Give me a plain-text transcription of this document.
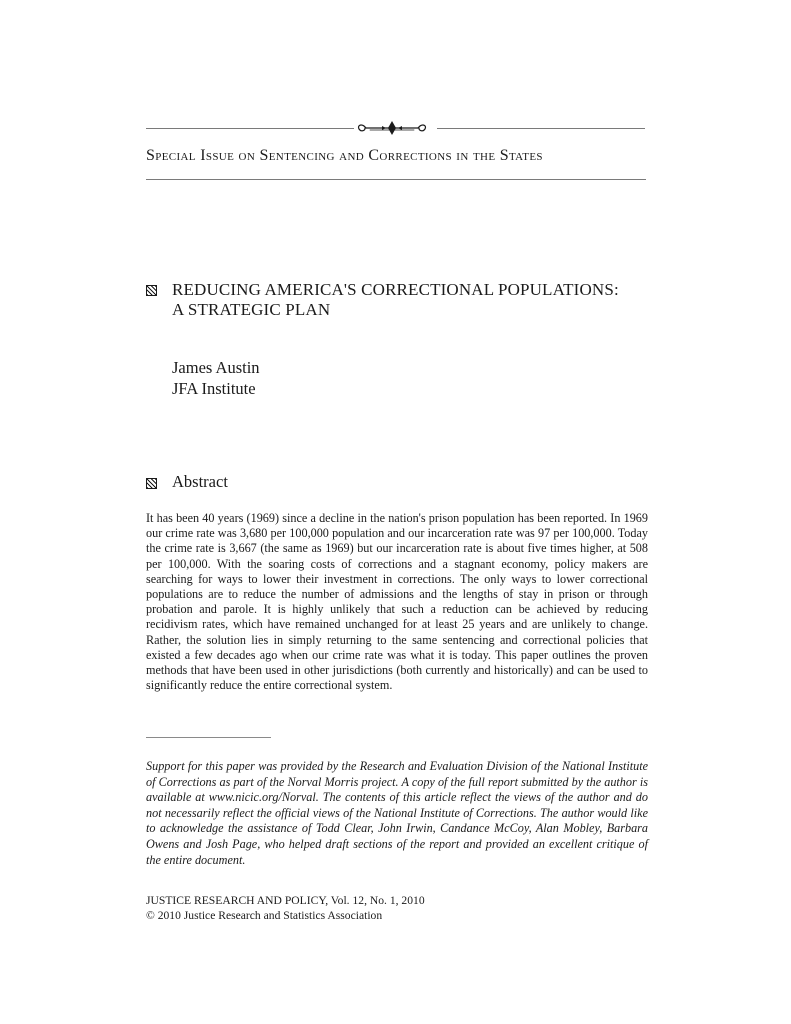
Special Issue on Sentencing and Corrections in the States
REDUCING AMERICA'S CORRECTIONAL POPULATIONS:
A STRATEGIC PLAN
James Austin
JFA Institute
Abstract
It has been 40 years (1969) since a decline in the nation's prison population has been reported. In 1969 our crime rate was 3,680 per 100,000 population and our incarceration rate was 97 per 100,000. Today the crime rate is 3,667 (the same as 1969) but our incarceration rate is about five times higher, at 508 per 100,000. With the soaring costs of corrections and a stagnant economy, policy makers are searching for ways to lower their investment in corrections. The only ways to lower correctional populations are to reduce the number of admissions and the lengths of stay in prison or through probation and parole. It is highly unlikely that such a reduction can be achieved by reducing recidivism rates, which have remained unchanged for at least 25 years and are unlikely to change. Rather, the solution lies in simply returning to the same sentencing and correctional policies that existed a few decades ago when our crime rate was what it is today. This paper outlines the proven methods that have been used in other jurisdictions (both currently and historically) and can be used to significantly reduce the entire correctional system.
Support for this paper was provided by the Research and Evaluation Division of the National Institute of Corrections as part of the Norval Morris project. A copy of the full report submitted by the author is available at www.nicic.org/Norval. The contents of this article reflect the views of the author and do not necessarily reflect the official views of the National Institute of Corrections. The author would like to acknowledge the assistance of Todd Clear, John Irwin, Candance McCoy, Alan Mobley, Barbara Owens and Josh Page, who helped draft sections of the report and provided an excellent critique of the entire document.
JUSTICE RESEARCH AND POLICY, Vol. 12, No. 1, 2010
© 2010 Justice Research and Statistics Association
